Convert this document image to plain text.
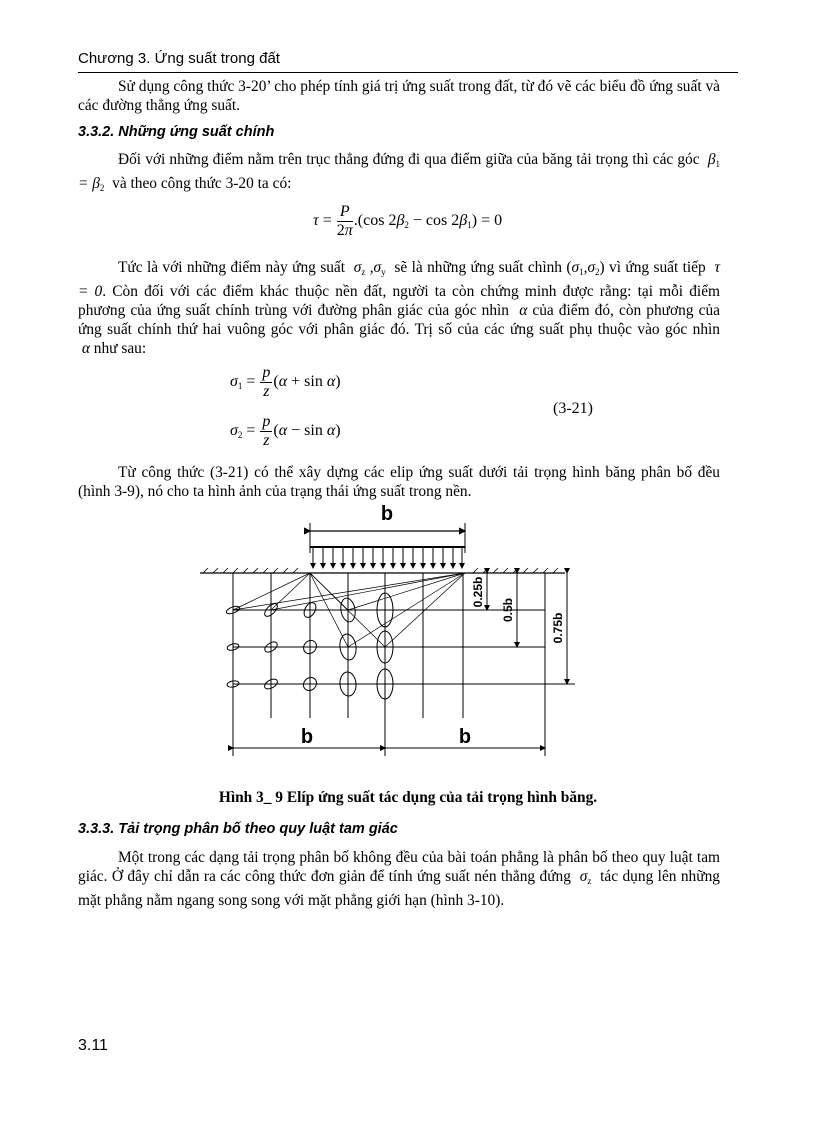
Chương 3. Ứng suất trong đất
Sử dụng công thức 3-20’ cho phép tính giá trị ứng suất trong đất, từ đó vẽ các biểu đồ ứng suất và các đường thẳng ứng suất.
3.3.2. Những ứng suất chính
Đối với những điểm nằm trên trục thẳng đứng đi qua điểm giữa của băng tải trọng thì các góc  $\beta_1 = \beta_2$ và theo công thức 3-20 ta có:
$\tau = \frac{P}{2\pi} .(\cos$ $2\beta_2 - \cos 2\beta_1) = 0$
Tức là với những điểm này ứng suất  $\sigma_z$ $,\sigma_y$ sẽ là những ứng suất chình $(\sigma_1,\sigma_2)$ vì ứng suất tiếp  τ = 0. Còn đối với các điểm khác thuộc nền đất, người ta còn chứng minh được rằng: tại mỗi điểm phương của ứng suất chính trùng với đường phân giác của góc nhìn  α của điểm đó, còn phương của ứng suất chính thứ hai vuông góc với phân giác đó. Trị số của các ứng suất phụ thuộc vào góc nhìn  α như sau:
$\sigma_1 = \frac{p}{z} (\alpha + \sin \alpha)$
$\sigma_2 = \frac{p}{z} (\alpha - \sin \alpha)$
(3-21)
Từ công thức (3-21) có thể xây dựng các elip ứng suất dưới tải trọng hình băng phân bố đều (hình 3-9), nó cho ta hình ảnh của trạng thái ứng suất trong nền.
b
0.25b
0.5b
0.75b
b	b
Hình 3_ 9 Elíp ứng suất tác dụng của tải trọng hình băng.
3.3.3. Tải trọng phân bố theo quy luật tam giác
Một trong các dạng tải trọng phân bố không đều của bài toán phẳng là phân bố theo quy luật tam giác. Ở đây chỉ dẫn ra các công thức đơn giản để tính ứng suất nén thẳng đứng  $\sigma_z$ tác dụng lên những mặt phẳng nằm ngang song song với mặt phẳng giới hạn (hình 3-10).
3.11
